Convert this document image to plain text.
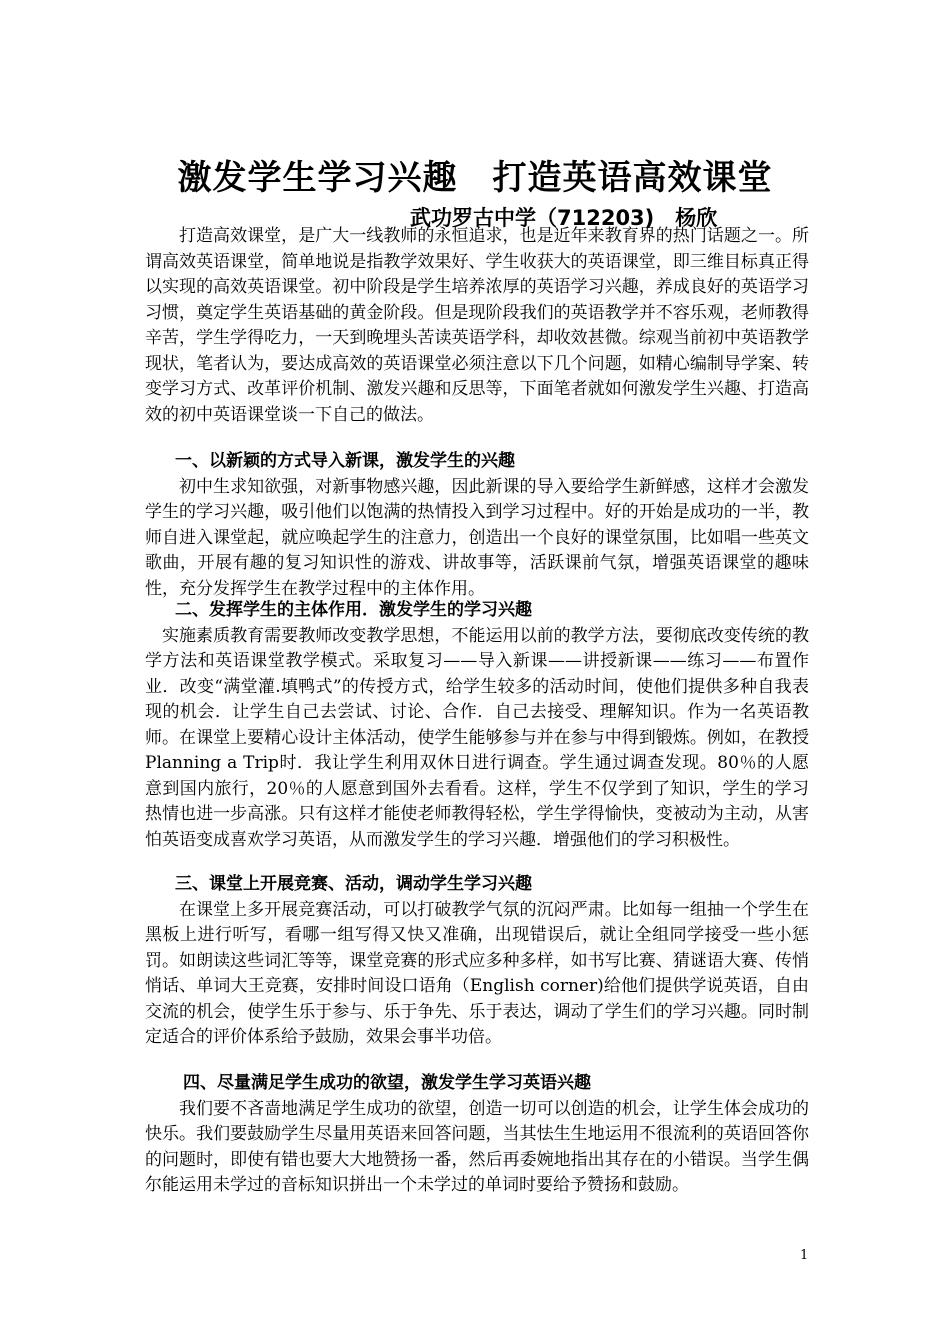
激发学生学习兴趣　打造英语高效课堂
武功罗古中学（712203)　杨欣

打造高效课堂，是广大一线教师的永恒追求，也是近年来教育界的热门话题之一。所谓高效英语课堂，简单地说是指教学效果好、学生收获大的英语课堂，即三维目标真正得以实现的高效英语课堂。初中阶段是学生培养浓厚的英语学习兴趣，养成良好的英语学习习惯，奠定学生英语基础的黄金阶段。但是现阶段我们的英语教学并不容乐观，老师教得辛苦，学生学得吃力，一天到晚埋头苦读英语学科，却收效甚微。综观当前初中英语教学现状，笔者认为，要达成高效的英语课堂必须注意以下几个问题，如精心编制导学案、转变学习方式、改革评价机制、激发兴趣和反思等，下面笔者就如何激发学生兴趣、打造高效的初中英语课堂谈一下自己的做法。

一、以新颖的方式导入新课，激发学生的兴趣

初中生求知欲强，对新事物感兴趣，因此新课的导入要给学生新鲜感，这样才会激发学生的学习兴趣，吸引他们以饱满的热情投入到学习过程中。好的开始是成功的一半，教师自进入课堂起，就应唤起学生的注意力，创造出一个良好的课堂氛围，比如唱一些英文歌曲，开展有趣的复习知识性的游戏、讲故事等，活跃课前气氛，增强英语课堂的趣味性，充分发挥学生在教学过程中的主体作用。

二、发挥学生的主体作用．激发学生的学习兴趣

实施素质教育需要教师改变教学思想，不能运用以前的教学方法，要彻底改变传统的教学方法和英语课堂教学模式。采取复习——导入新课——讲授新课——练习——布置作业．改变“满堂灌.填鸭式”的传授方式，给学生较多的活动时间，使他们提供多种自我表现的机会．让学生自己去尝试、讨论、合作．自己去接受、理解知识。作为一名英语教师。在课堂上要精心设计主体活动，使学生能够参与并在参与中得到锻炼。例如，在教授Planning a Trip时．我让学生利用双休日进行调查。学生通过调查发现。80％的人愿意到国内旅行，20％的人愿意到国外去看看。这样，学生不仅学到了知识，学生的学习热情也进一步高涨。只有这样才能使老师教得轻松，学生学得愉快，变被动为主动，从害怕英语变成喜欢学习英语，从而激发学生的学习兴趣．增强他们的学习积极性。

三、课堂上开展竞赛、活动，调动学生学习兴趣

在课堂上多开展竞赛活动，可以打破教学气氛的沉闷严肃。比如每一组抽一个学生在黑板上进行听写，看哪一组写得又快又准确，出现错误后，就让全组同学接受一些小惩罚。如朗读这些词汇等等，课堂竞赛的形式应多种多样，如书写比赛、猜谜语大赛、传悄悄话、单词大王竞赛，安排时间设口语角（English corner)给他们提供学说英语，自由交流的机会，使学生乐于参与、乐于争先、乐于表达，调动了学生们的学习兴趣。同时制定适合的评价体系给予鼓励，效果会事半功倍。

四、尽量满足学生成功的欲望，激发学生学习英语兴趣

我们要不吝啬地满足学生成功的欲望，创造一切可以创造的机会，让学生体会成功的快乐。我们要鼓励学生尽量用英语来回答问题，当其怯生生地运用不很流利的英语回答你的问题时，即使有错也要大大地赞扬一番，然后再委婉地指出其存在的小错误。当学生偶尔能运用未学过的音标知识拼出一个未学过的单词时要给予赞扬和鼓励。

1
